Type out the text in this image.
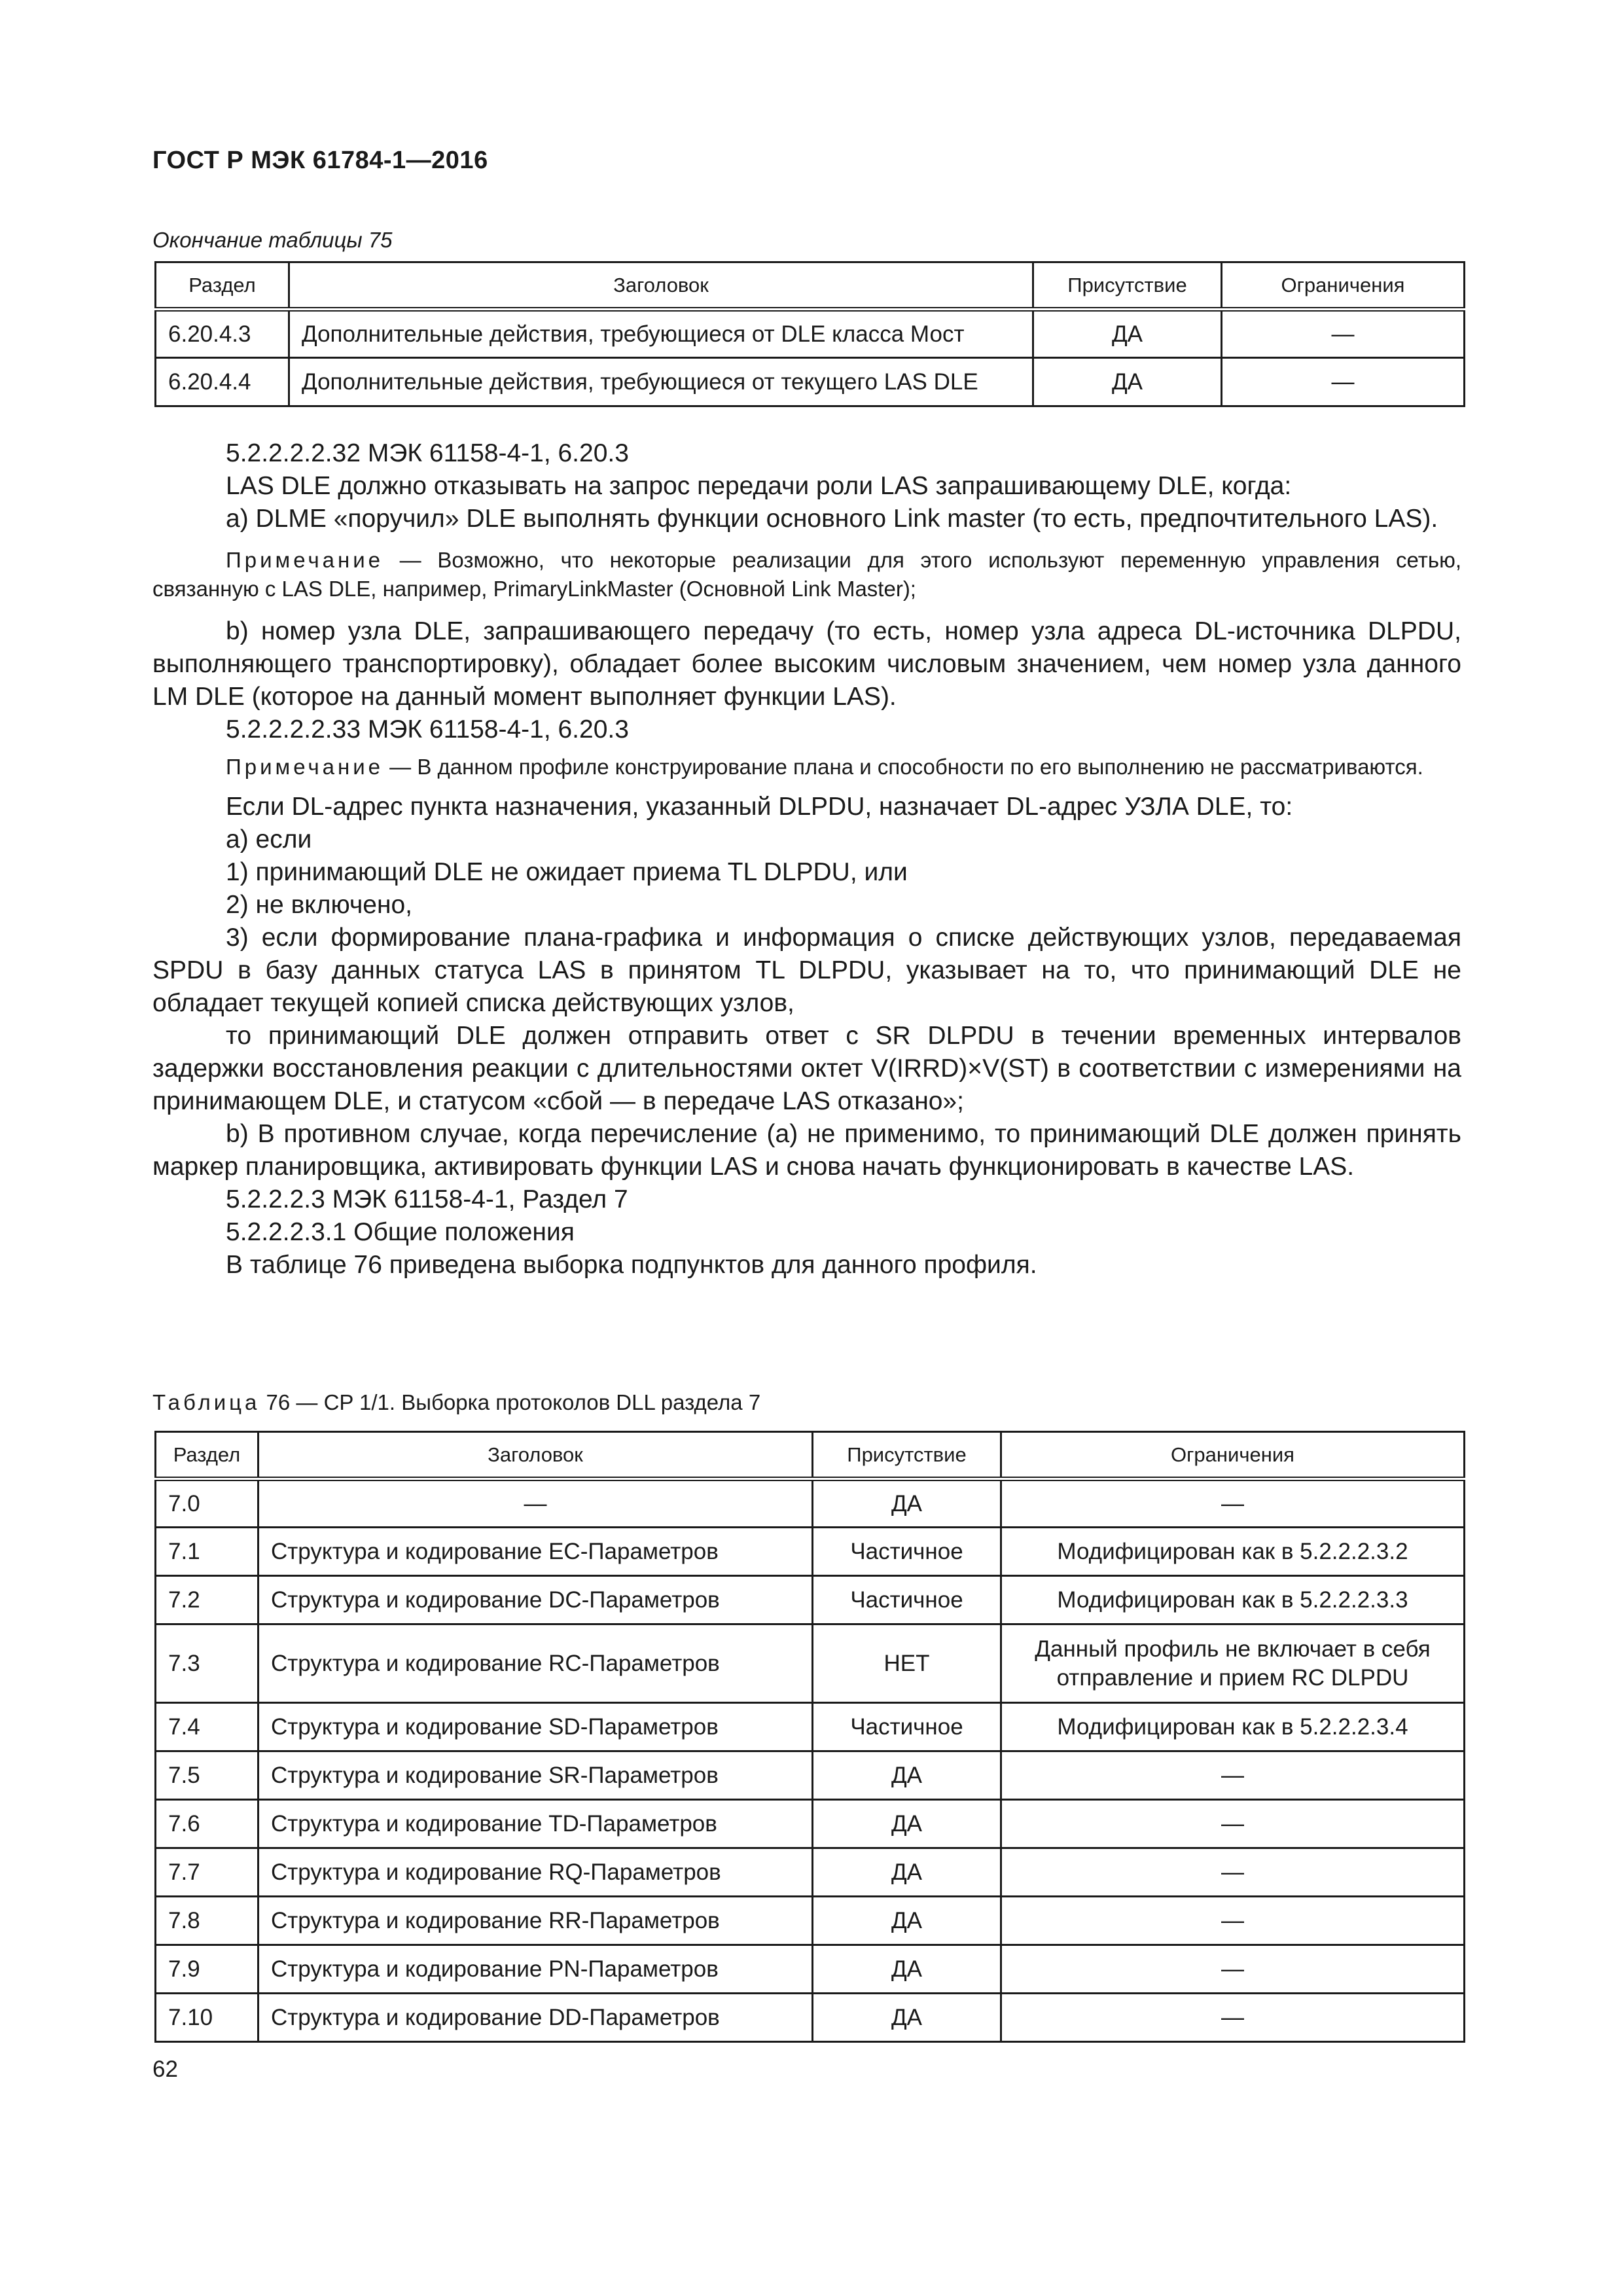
ГОСТ Р МЭК 61784-1—2016
Окончание таблицы 75
Раздел	Заголовок	Присутствие	Ограничения
6.20.4.3	Дополнительные действия, требующиеся от DLE класса Мост	ДА	—
6.20.4.4	Дополнительные действия, требующиеся от текущего LAS DLE	ДА	—

5.2.2.2.2.32 МЭК 61158-4-1, 6.20.3

LAS DLE должно отказывать на запрос передачи роли LAS запрашивающему DLE, когда:

а) DLME «поручил» DLE выполнять функции основного Link master (то есть, предпочтительного LAS).

Примечание — Возможно, что некоторые реализации для этого используют переменную управления сетью, связанную с LAS DLE, например, PrimaryLinkMaster (Основной Link Master);

b) номер узла DLE, запрашивающего передачу (то есть, номер узла адреса DL-источника DLPDU, выполняющего транспортировку), обладает более высоким числовым значением, чем номер узла данного LM DLE (которое на данный момент выполняет функции LAS).

5.2.2.2.2.33 МЭК 61158-4-1, 6.20.3

Примечание — В данном профиле конструирование плана и способности по его выполнению не рассматриваются.

Если DL-адрес пункта назначения, указанный DLPDU, назначает DL-адрес УЗЛА DLE, то:

а) если

1) принимающий DLE не ожидает приема TL DLPDU, или

2) не включено,

3) если формирование плана-графика и информация о списке действующих узлов, передаваемая SPDU в базу данных статуса LAS в принятом TL DLPDU, указывает на то, что принимающий DLE не обладает текущей копией списка действующих узлов,

то принимающий DLE должен отправить ответ с SR DLPDU в течении временных интервалов задержки восстановления реакции с длительностями октет V(IRRD)×V(ST) в соответствии с измерениями на принимающем DLE, и статусом «сбой — в передаче LAS отказано»;

b) В противном случае, когда перечисление (а) не применимо, то принимающий DLE должен принять маркер планировщика, активировать функции LAS и снова начать функционировать в качестве LAS.

5.2.2.2.3 МЭК 61158-4-1, Раздел 7

5.2.2.2.3.1 Общие положения

В таблице 76 приведена выборка подпунктов для данного профиля.

Таблица 76 — CP 1/1. Выборка протоколов DLL раздела 7
Раздел	Заголовок	Присутствие	Ограничения
7.0	—	ДА	—
7.1	Структура и кодирование ЕС-Параметров	Частичное	Модифицирован как в 5.2.2.2.3.2
7.2	Структура и кодирование DC-Параметров	Частичное	Модифицирован как в 5.2.2.2.3.3
7.3	Структура и кодирование RC-Параметров	НЕТ	Данный профиль не включает в себя отправление и прием RC DLPDU
7.4	Структура и кодирование SD-Параметров	Частичное	Модифицирован как в 5.2.2.2.3.4
7.5	Структура и кодирование SR-Параметров	ДА	—
7.6	Структура и кодирование TD-Параметров	ДА	—
7.7	Структура и кодирование RQ-Параметров	ДА	—
7.8	Структура и кодирование RR-Параметров	ДА	—
7.9	Структура и кодирование PN-Параметров	ДА	—
7.10	Структура и кодирование DD-Параметров	ДА	—
62
